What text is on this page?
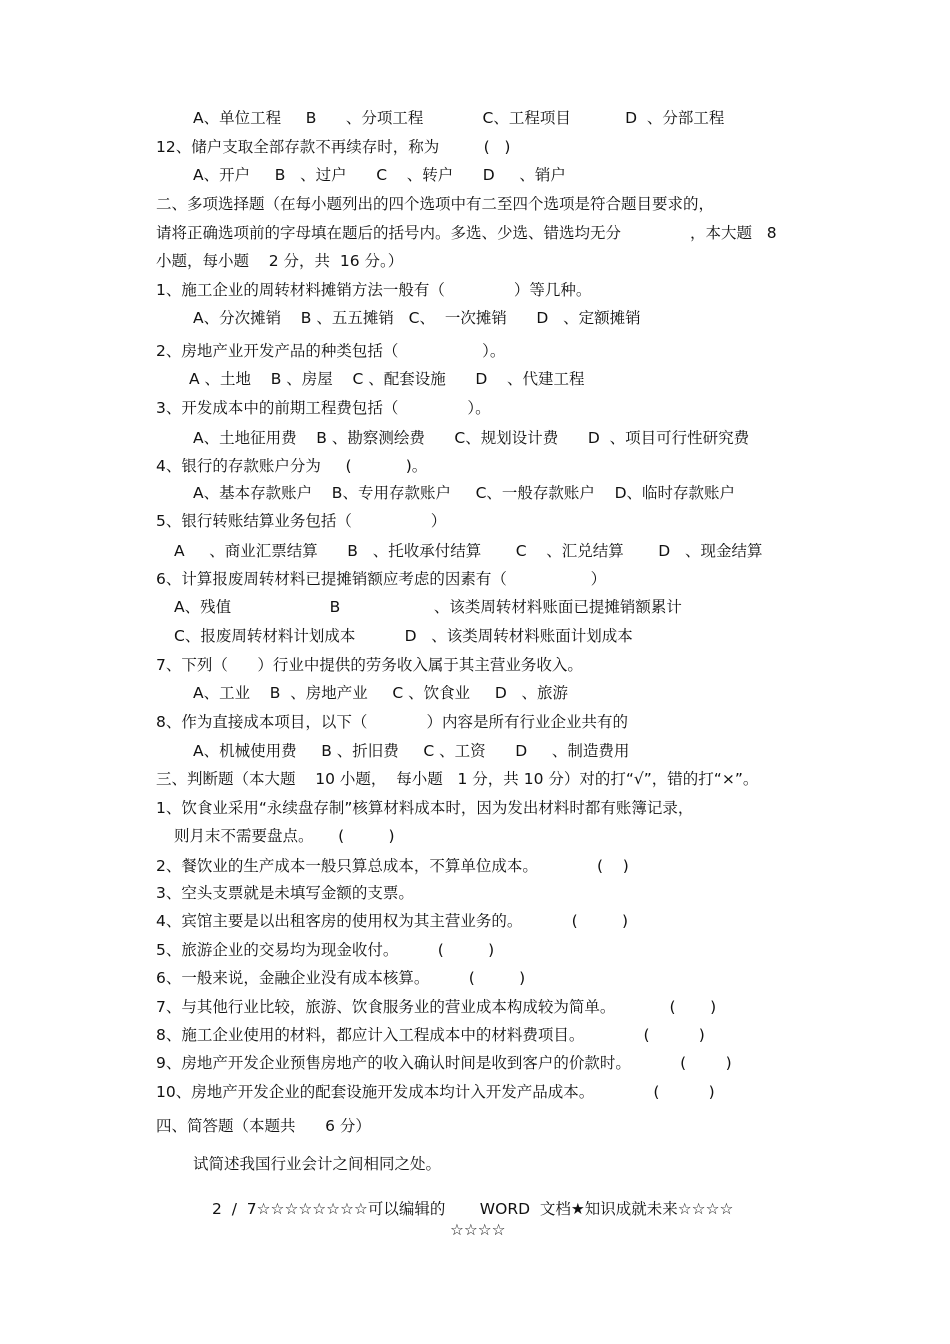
A、单位工程     B      、分项工程            C、工程项目           D  、分部工程
12、储户支取全部存款不再续存时，称为         (   )
A、开户     B   、过户      C    、转户      D     、销户
二、多项选择题（在每小题列出的四个选项中有二至四个选项是符合题目要求的，
请将正确选项前的字母填在题后的括号内。多选、少选、错选均无分              ，本大题   8
小题，每小题    2 分，共  16 分。）
1、施工企业的周转材料摊销方法一般有（              ）等几种。
A、分次摊销    B 、五五摊销   C、  一次摊销      D   、定额摊销
2、房地产业开发产品的种类包括（                 ）。
A 、土地    B 、房屋    C 、配套设施      D    、代建工程
3、开发成本中的前期工程费包括（              ）。
A、土地征用费    B 、勘察测绘费      C、规划设计费      D  、项目可行性研究费
4、银行的存款账户分为     (           )。
A、基本存款账户    B、专用存款账户     C、一般存款账户    D、临时存款账户
5、银行转账结算业务包括（                ）
A     、商业汇票结算      B   、托收承付结算       C    、汇兑结算       D   、现金结算
6、计算报废周转材料已提摊销额应考虑的因素有（                 ）
A、残值                    B                   、该类周转材料账面已提摊销额累计
C、报废周转材料计划成本          D   、该类周转材料账面计划成本
7、下列（      ）行业中提供的劳务收入属于其主营业务收入。
A、工业    B  、房地产业     C 、饮食业     D   、旅游
8、作为直接成本项目，以下（            ）内容是所有行业企业共有的
A、机械使用费     B 、折旧费     C 、工资      D     、制造费用
三、判断题（本大题    10 小题，  每小题   1 分，共 10 分）对的打“√”，错的打“×”。
1、饮食业采用“永续盘存制”核算材料成本时，因为发出材料时都有账簿记录，
则月末不需要盘点。     (         )
2、餐饮业的生产成本一般只算总成本，不算单位成本。            (    )
3、空头支票就是未填写金额的支票。
4、宾馆主要是以出租客房的使用权为其主营业务的。          (         )
5、旅游企业的交易均为现金收付。        (         )
6、一般来说，金融企业没有成本核算。        (         )
7、与其他行业比较，旅游、饮食服务业的营业成本构成较为简单。           (       )
8、施工企业使用的材料，都应计入工程成本中的材料费项目。            (          )
9、房地产开发企业预售房地产的收入确认时间是收到客户的价款时。          (        )
10、房地产开发企业的配套设施开发成本均计入开发产品成本。            (          )
四、简答题（本题共      6 分）
试简述我国行业会计之间相同之处。
2  /  7☆☆☆☆☆☆☆☆可以编辑的       WORD  文档★知识成就未来☆☆☆☆
☆☆☆☆
